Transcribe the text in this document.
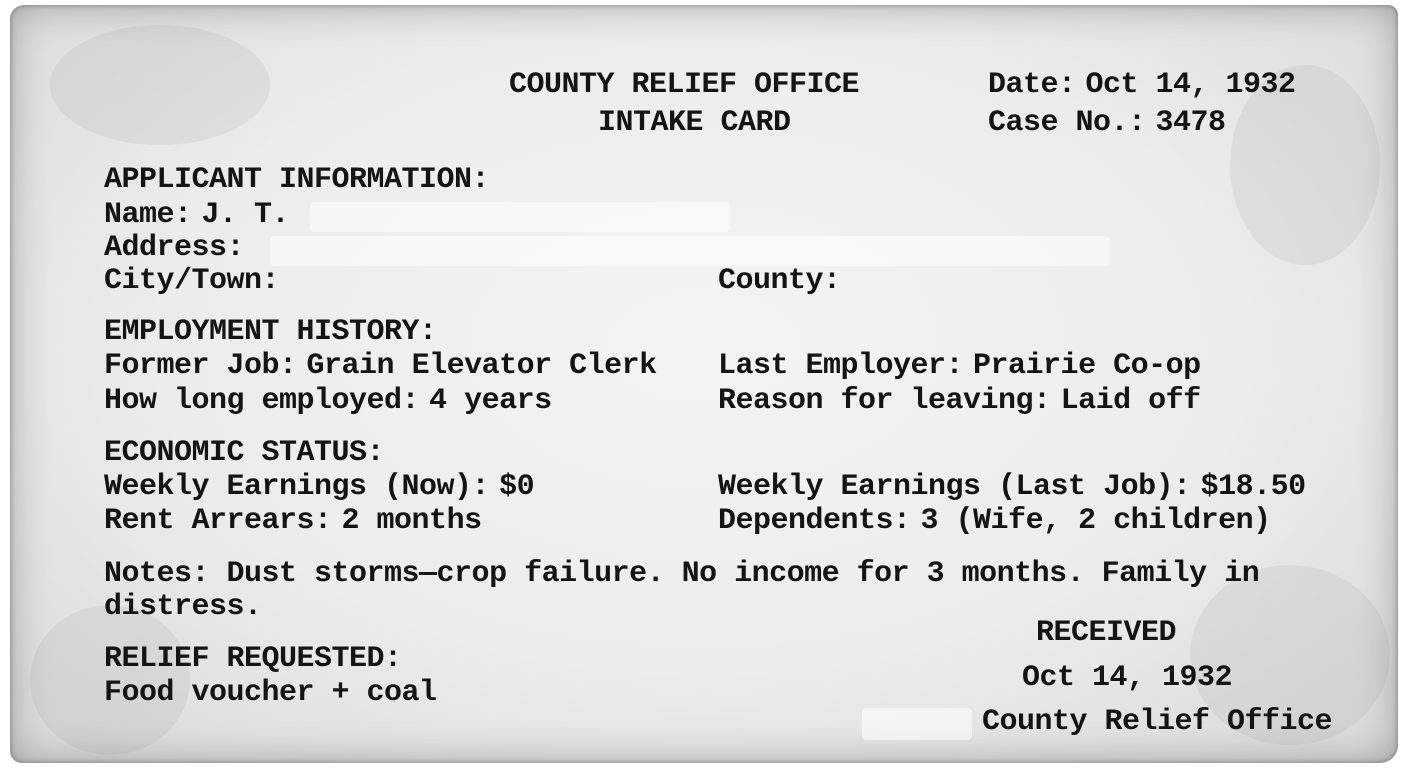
COUNTY RELIEF OFFICE
INTAKE CARD
Date: Oct 14, 1932
Case No.: 3478
APPLICANT INFORMATION:
Name: J. T.
Address:
City/Town:	County:
EMPLOYMENT HISTORY:
Former Job: Grain Elevator Clerk Last Employer: Prairie Co-op
How long employed: 4 years	Reason for leaving: Laid off
ECONOMIC STATUS:
Weekly Earnings (Now): $0	Weekly Earnings (Last Job): $18.50
Rent Arrears: 2 months	Dependents: 3 (Wife, 2 children)
Notes: Dust storms—crop failure. No income for 3 months. Family in
distress.
RELIEF REQUESTED:
Food voucher + coal
RECEIVED
Oct 14, 1932
County Relief Office
